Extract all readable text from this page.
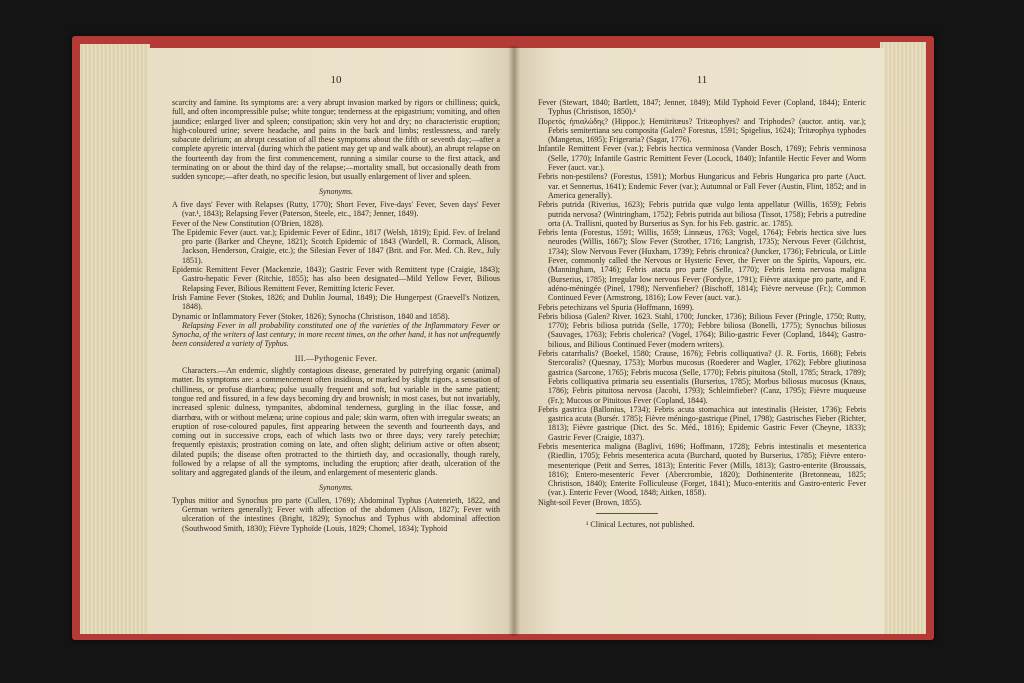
10

scarcity and famine. Its symptoms are: a very abrupt invasion marked by rigors or chilliness; quick, full, and often incompressible pulse; white tongue; tenderness at the epigastrium; vomiting, and often jaundice; enlarged liver and spleen; constipation; skin very hot and dry; no characteristic eruption; high-coloured urine; severe headache, and pains in the back and limbs; restlessness, and rarely subacute delirium; an abrupt cessation of all these symptoms about the fifth or seventh day;—after a complete apyretic interval (during which the patient may get up and walk about), an abrupt relapse on the fourteenth day from the first commencement, running a similar course to the first attack, and terminating on or about the third day of the relapse;—mortality small, but occasionally death from sudden syncope;—after death, no specific lesion, but usually enlargement of liver and spleen.

Synonyms.

A five days' Fever with Relapses (Rutty, 1770); Short Fever, Five-days' Fever, Seven days' Fever (var.¹, 1843); Relapsing Fever (Paterson, Steele, etc., 1847; Jenner, 1849).

Fever of the New Constitution (O'Brien, 1828).

The Epidemic Fever (auct. var.); Epidemic Fever of Edinr., 1817 (Welsh, 1819); Epid. Fev. of Ireland pro parte (Barker and Cheyne, 1821); Scotch Epidemic of 1843 (Wardell, R. Cormack, Alison, Jackson, Henderson, Craigie, etc.); the Silesian Fever of 1847 (Brit. and For. Med. Ch. Rev., July 1851).

Epidemic Remittent Fever (Mackenzie, 1843); Gastric Fever with Remittent type (Craigie, 1843); Gastro-hepatic Fever (Ritchie, 1855); has also been designated—Mild Yellow Fever, Bilious Relapsing Fever, Bilious Remittent Fever, Remitting Icteric Fever.

Irish Famine Fever (Stokes, 1826; and Dublin Journal, 1849); Die Hungerpest (Graevell's Notizen, 1848).

Dynamic or Inflammatory Fever (Stoker, 1826); Synocha (Christison, 1840 and 1858).

Relapsing Fever in all probability constituted one of the varieties of the Inflammatory Fever or Synocha, of the writers of last century; in more recent times, on the other hand, it has not unfrequently been considered a variety of Typhus.

III.—Pythogenic Fever.

Characters.—An endemic, slightly contagious disease, generated by putrefying organic (animal) matter. Its symptoms are: a commencement often insidious, or marked by slight rigors, a sensation of chilliness, or profuse diarrhœa; pulse usually frequent and soft, but variable in the same patient; tongue red and fissured, in a few days becoming dry and brownish; in most cases, but not invariably, increased splenic dulness, tympanites, abdominal tenderness, gurgling in the iliac fossæ, and diarrhœa, with or without melæna; urine copious and pale; skin warm, often with irregular sweats; an eruption of rose-coloured papules, first appearing between the seventh and fourteenth days, and coming out in successive crops, each of which lasts two or three days; very rarely petechiæ; frequently epistaxis; prostration coming on late, and often slight; delirium active or often absent; dilated pupils; the disease often protracted to the thirtieth day, and occasionally, though rarely, followed by a relapse of all the symptoms, including the eruption; after death, ulceration of the solitary and aggregated glands of the ileum, and enlargement of mesenteric glands.

Synonyms.

Typhus mitior and Synochus pro parte (Cullen, 1769); Abdominal Typhus (Autenrieth, 1822, and German writers generally); Fever with affection of the abdomen (Alison, 1827); Fever with ulceration of the intestines (Bright, 1829); Synochus and Typhus with abdominal affection (Southwood Smith, 1830); Fièvre Typhoïde (Louis, 1829; Chomel, 1834); Typhoid

11

Fever (Stewart, 1840; Bartlett, 1847; Jenner, 1849); Mild Typhoid Fever (Copland, 1844); Enteric Typhus (Christison, 1850).¹

Πυρετὸς ἠπιαλώδης? (Hippoc.); Hemitritæus? Tritæophyes? and Triphodes? (auctor. antiq. var.); Febris semitertiana seu composita (Galen? Forestus, 1591; Spigelius, 1624); Tritæophya typhodes (Mangetus, 1695); Frigeraria? (Sagar, 1776).

Infantile Remittent Fever (var.); Febris hectica verminosa (Vander Bosch, 1769); Febris verminosa (Selle, 1770); Infantile Gastric Remittent Fever (Locock, 1840); Infantile Hectic Fever and Worm Fever (auct. var.).

Febris non-pestilens? (Forestus, 1591); Morbus Hungaricus and Febris Hungarica pro parte (Auct. var. et Sennertus, 1641); Endemic Fever (var.); Autumnal or Fall Fever (Austin, Flint, 1852; and in America generally).

Febris putrida (Riverius, 1623); Febris putrida quæ vulgo lenta appellatur (Willis, 1659); Febris putrida nervosa? (Wintringham, 1752); Febris putrida aut biliosa (Tissot, 1758); Febris a putredine orta (A. Trallisni, quoted by Burserius as Syn. for his Feb. gastric. ac. 1785).

Febris lenta (Forestus, 1591; Willis, 1659; Linnæus, 1763; Vogel, 1764); Febris hectica sive lues neurodes (Willis, 1667); Slow Fever (Strother, 1716; Langrish, 1735); Nervous Fever (Gilchrist, 1734); Slow Nervous Fever (Huxham, 1739); Febris chronica? (Juncker, 1736); Febricula, or Little Fever, commonly called the Nervous or Hysteric Fever, the Fever on the Spirits, Vapours, etc. (Manningham, 1746); Febris atacta pro parte (Selle, 1770); Febris lenta nervosa maligna (Burserius, 1785); Irregular low nervous Fever (Fordyce, 1791); Fièvre ataxique pro parte, and F. adéno-méningée (Pinel, 1798); Nervenfieber? (Bischoff, 1814); Fièvre nerveuse (Fr.); Common Continued Fever (Armstrong, 1816); Low Fever (auct. var.).

Febris petechizans vel Spuria (Hoffmann, 1699).

Febris biliosa (Galen? River. 1623. Stahl, 1700; Juncker, 1736); Bilious Fever (Pringle, 1750; Rutty, 1770); Febris biliosa putrida (Selle, 1770); Febbre biliosa (Bonelli, 1775); Synochus biliosus (Sauvages, 1763); Febris cholerica? (Vogel, 1764); Bilio-gastric Fever (Copland, 1844); Gastro-bilious, and Bilious Continued Fever (modern writers).

Febris catarrhalis? (Boekel, 1580; Crause, 1676); Febris colliquativa? (J. R. Fortis, 1668); Febris Stercoralis? (Quesnay, 1753); Morbus mucosus (Roederer and Wagler, 1762); Febbre gliutinosa gastrica (Sarcone, 1765); Febris mucosa (Selle, 1770); Febris pituitosa (Stoll, 1785; Strack, 1789); Febris colliquativa primaria seu essentialis (Burserius, 1785); Morbus biliosus mucosus (Knaus, 1786); Febris pituitosa nervosa (Jacobi, 1793); Schleimfieber? (Canz, 1795); Fièvre muqueuse (Fr.); Mucous or Pituitous Fever (Copland, 1844).

Febris gastrica (Ballonius, 1734); Febris acuta stomachica aut intestinalis (Heister, 1736); Febris gastrica acuta (Bursér. 1785); Fièvre méningo-gastrique (Pinel, 1798); Gastrisches Fieber (Richter, 1813); Fièvre gastrique (Dict. des Sc. Méd., 1816); Epidemic Gastric Fever (Cheyne, 1833); Gastric Fever (Craigie, 1837).

Febris mesenterica maligna (Baglivi, 1696; Hoffmann, 1728); Febris intestinalis et mesenterica (Riedlin, 1705); Febris mesenterica acuta (Burchard, quoted by Burserius, 1785); Fièvre entero-mesenterique (Petit and Serres, 1813); Enteritic Fever (Mills, 1813); Gastro-enterite (Broussais, 1816); Entero-mesenteric Fever (Abercrombie, 1820); Dothinenterite (Bretonneau, 1825; Christison, 1840); Enterite Folliculeuse (Forget, 1841); Muco-enteritis and Gastro-enteric Fever (var.). Enteric Fever (Wood, 1848; Aitken, 1858).

Night-soil Fever (Brown, 1855).

¹ Clinical Lectures, not published.
